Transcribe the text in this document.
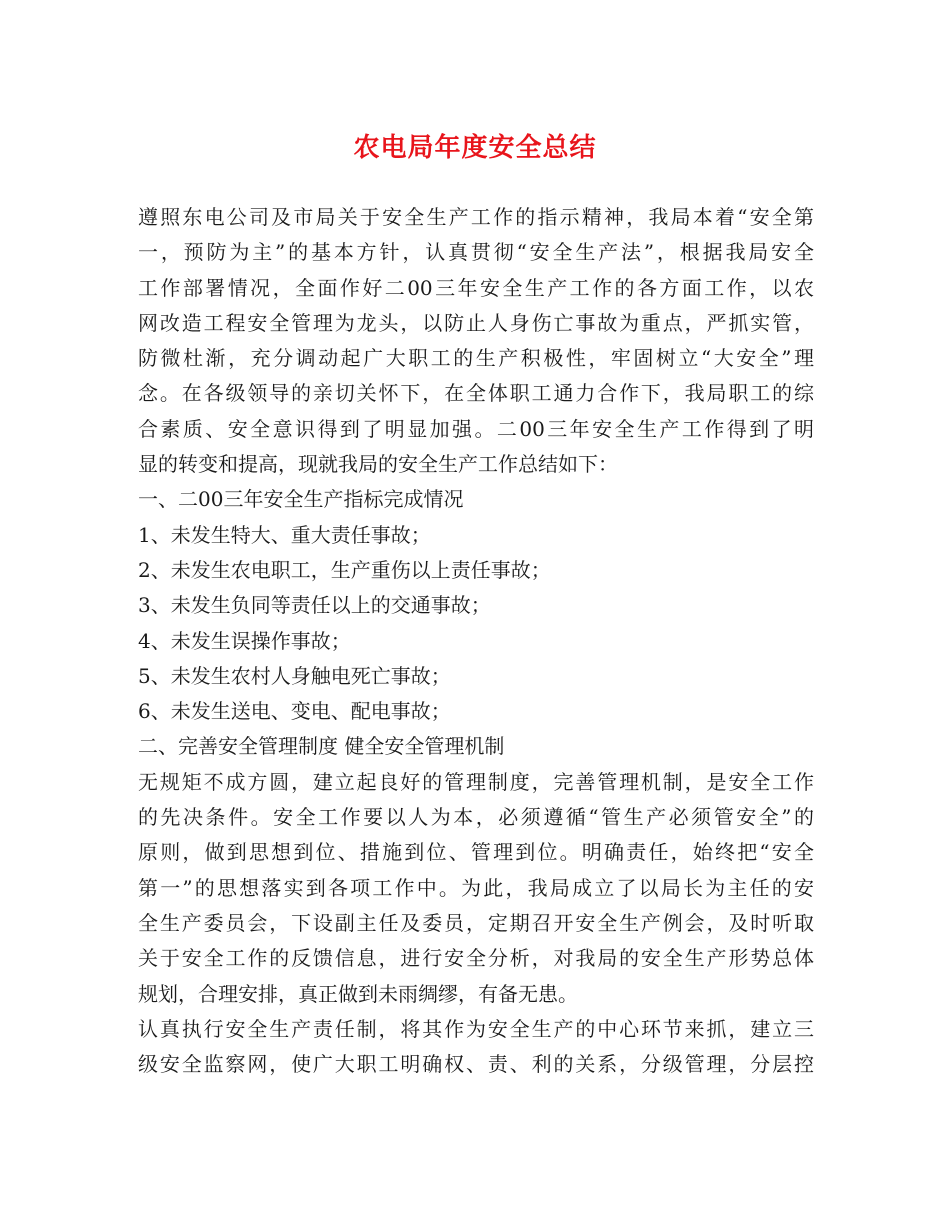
农电局年度安全总结
遵照东电公司及市局关于安全生产工作的指示精神，我局本着“安全第
一，预防为主”的基本方针，认真贯彻“安全生产法”，根据我局安全
工作部署情况，全面作好二00三年安全生产工作的各方面工作，以农
网改造工程安全管理为龙头，以防止人身伤亡事故为重点，严抓实管，
防微杜渐，充分调动起广大职工的生产积极性，牢固树立“大安全”理
念。在各级领导的亲切关怀下，在全体职工通力合作下，我局职工的综
合素质、安全意识得到了明显加强。二00三年安全生产工作得到了明
显的转变和提高，现就我局的安全生产工作总结如下：
一、二00三年安全生产指标完成情况
1、未发生特大、重大责任事故；
2、未发生农电职工，生产重伤以上责任事故；
3、未发生负同等责任以上的交通事故；
4、未发生误操作事故；
5、未发生农村人身触电死亡事故；
6、未发生送电、变电、配电事故；
二、完善安全管理制度 健全安全管理机制
无规矩不成方圆，建立起良好的管理制度，完善管理机制，是安全工作
的先决条件。安全工作要以人为本，必须遵循“管生产必须管安全”的
原则，做到思想到位、措施到位、管理到位。明确责任，始终把“安全
第一”的思想落实到各项工作中。为此，我局成立了以局长为主任的安
全生产委员会，下设副主任及委员，定期召开安全生产例会，及时听取
关于安全工作的反馈信息，进行安全分析，对我局的安全生产形势总体
规划，合理安排，真正做到未雨绸缪，有备无患。
认真执行安全生产责任制，将其作为安全生产的中心环节来抓，建立三
级安全监察网，使广大职工明确权、责、利的关系，分级管理，分层控
